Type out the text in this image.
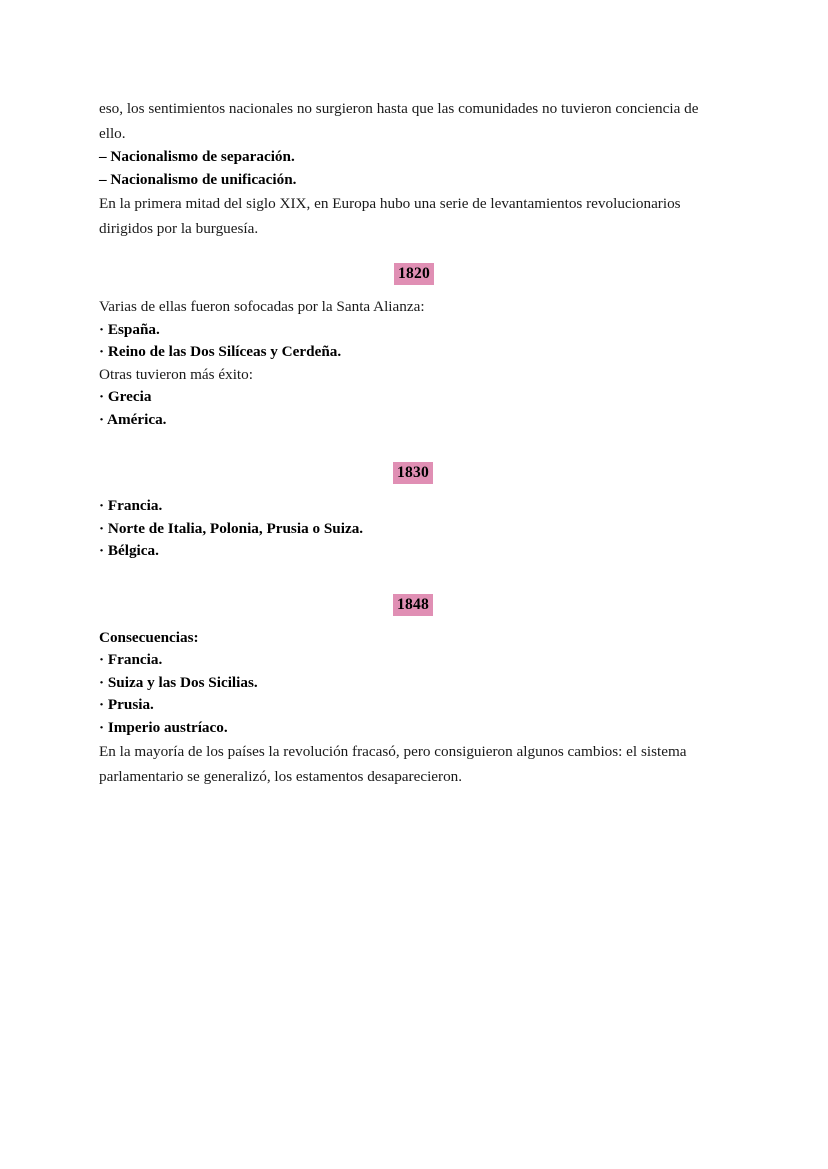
eso, los sentimientos nacionales no surgieron hasta que las comunidades no tuvieron conciencia de ello.

– Nacionalismo de separación.

– Nacionalismo de unificación.

En la primera mitad del siglo XIX, en Europa hubo una serie de levantamientos revolucionarios dirigidos por la burguesía.

1820

Varias de ellas fueron sofocadas por la Santa Alianza:

· España.

· Reino de las Dos Silíceas y Cerdeña.

Otras tuvieron más éxito:

· Grecia

· América.

1830

· Francia.

· Norte de Italia, Polonia, Prusia o Suiza.

· Bélgica.

1848

Consecuencias:

· Francia.

· Suiza y las Dos Sicilias.

· Prusia.

· Imperio austríaco.

En la mayoría de los países la revolución fracasó, pero consiguieron algunos cambios: el sistema parlamentario se generalizó, los estamentos desaparecieron.
